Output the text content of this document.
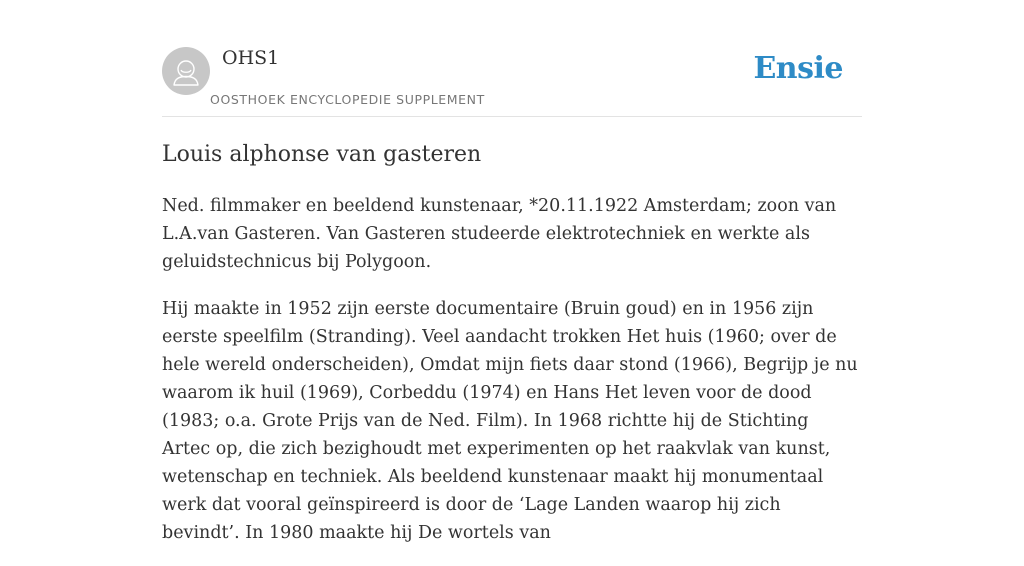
OHS1
OOSTHOEK ENCYCLOPEDIE SUPPLEMENT
Ensie
Louis alphonse van gasteren

Ned. filmmaker en beeldend kunstenaar, *20.11.1922 Amsterdam; zoon van L.A.van Gasteren. Van Gasteren studeerde elektrotechniek en werkte als geluidstechnicus bij Polygoon.

Hij maakte in 1952 zijn eerste documentaire (Bruin goud) en in 1956 zijn eerste speelfilm (Stranding). Veel aandacht trokken Het huis (1960; over de hele wereld onderscheiden), Omdat mijn fiets daar stond (1966), Begrijp je nu waarom ik huil (1969), Corbeddu (1974) en Hans Het leven voor de dood (1983; o.a. Grote Prijs van de Ned. Film). In 1968 richtte hij de Stichting Artec op, die zich bezighoudt met experimenten op het raakvlak van kunst, wetenschap en techniek. Als beeldend kunstenaar maakt hij monumentaal werk dat vooral geïnspireerd is door de ‘Lage Landen waarop hij zich bevindt’. In 1980 maakte hij De wortels van
